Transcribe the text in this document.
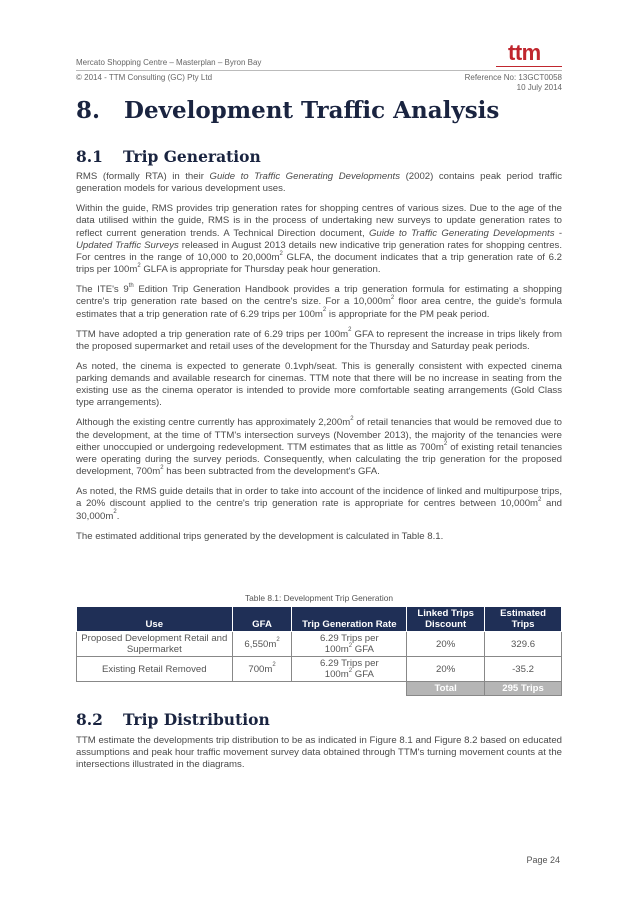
Mercato Shopping Centre – Masterplan – Byron Bay	ttm
© 2014 - TTM Consulting (GC) Pty Ltd	Reference No: 13GCT0058
10 July 2014
8. Development Traffic Analysis
8.1 Trip Generation

RMS (formally RTA) in their Guide to Traffic Generating Developments (2002) contains peak period traffic generation models for various development uses.

Within the guide, RMS provides trip generation rates for shopping centres of various sizes. Due to the age of the data utilised within the guide, RMS is in the process of undertaking new surveys to update generation rates to reflect current generation trends. A Technical Direction document, Guide to Traffic Generating Developments - Updated Traffic Surveys released in August 2013 details new indicative trip generation rates for shopping centres. For centres in the range of 10,000 to $20,000m^2$ GLFA, the document indicates that a trip generation rate of 6.2 trips per $100m^2$ GLFA is appropriate for Thursday peak hour generation.

The ITE's 9th Edition Trip Generation Handbook provides a trip generation formula for estimating a shopping centre's trip generation rate based on the centre's size. For a $10,000m^2$ floor area centre, the guide's formula estimates that a trip generation rate of 6.29 trips per $100m^2$ is appropriate for the PM peak period.

TTM have adopted a trip generation rate of 6.29 trips per $100m^2$ GFA to represent the increase in trips likely from the proposed supermarket and retail uses of the development for the Thursday and Saturday peak periods.

As noted, the cinema is expected to generate 0.1vph/seat. This is generally consistent with expected cinema parking demands and available research for cinemas. TTM note that there will be no increase in seating from the existing use as the cinema operator is intended to provide more comfortable seating arrangements (Gold Class type arrangements).

Although the existing centre currently has approximately $2,200m^2$ of retail tenancies that would be removed due to the development, at the time of TTM's intersection surveys (November 2013), the majority of the tenancies were either unoccupied or undergoing redevelopment. TTM estimates that as little as $700m^2$ of existing retail tenancies were operating during the survey periods. Consequently, when calculating the trip generation for the proposed development, $700m^2$ has been subtracted from the development's GFA.

As noted, the RMS guide details that in order to take into account of the incidence of linked and multipurpose trips, a 20% discount applied to the centre's trip generation rate is appropriate for centres between $10,000m^2$ and $30,000m^2$.

The estimated additional trips generated by the development is calculated in Table 8.1.

Table 8.1: Development Trip Generation
Use	GFA	Trip Generation Rate	Linked Trips Discount	Estimated Trips
Proposed Development Retail and Supermarket	$6,550m^2$	6.29 Trips per
$100m^2$ GFA	20%	329.6
Existing Retail Removed	$700m^2$	6.29 Trips per
$100m^2$ GFA	20%	-35.2
			Total	295 Trips
8.2 Trip Distribution

TTM estimate the developments trip distribution to be as indicated in Figure 8.1 and Figure 8.2 based on educated assumptions and peak hour traffic movement survey data obtained through TTM's turning movement counts at the intersections illustrated in the diagrams.

Page 24
